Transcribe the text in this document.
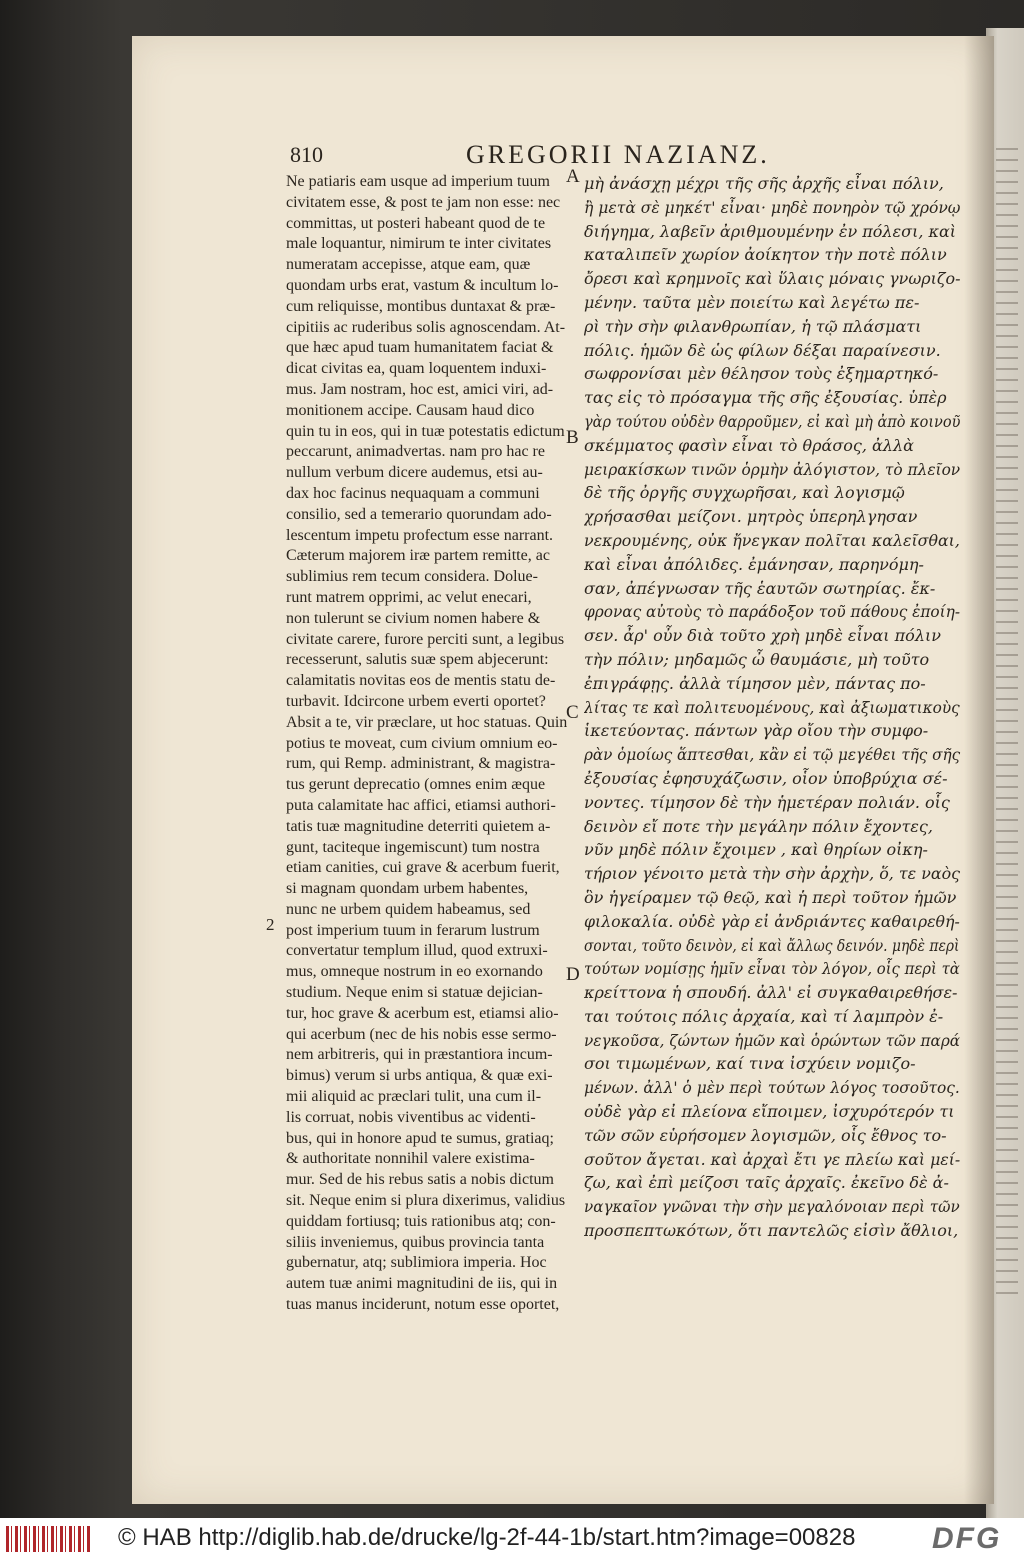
810	GREGORII NAZIANZ.
Ne patiaris eam usque ad imperium tuum
civitatem esse, & post te jam non esse: nec
committas, ut posteri habeant quod de te
male loquantur, nimirum te inter civitates
numeratam accepisse, atque eam, quæ
quondam urbs erat, vastum & incultum lo-
cum reliquisse, montibus duntaxat & præ-
cipitiis ac ruderibus solis agnoscendam. At-
que hæc apud tuam humanitatem faciat &
dicat civitas ea, quam loquentem induxi-
mus. Jam nostram, hoc est, amici viri, ad-
monitionem accipe. Causam haud dico
quin tu in eos, qui in tuæ potestatis edictum
peccarunt, animadvertas. nam pro hac re
nullum verbum dicere audemus, etsi au-
dax hoc facinus nequaquam a communi
consilio, sed a temerario quorundam ado-
lescentum impetu profectum esse narrant.
Cæterum majorem iræ partem remitte, ac
sublimius rem tecum considera. Dolue-
runt matrem opprimi, ac velut enecari,
non tulerunt se civium nomen habere &
civitate carere, furore perciti sunt, a legibus
recesserunt, salutis suæ spem abjecerunt:
calamitatis novitas eos de mentis statu de-
turbavit. Idcircone urbem everti oportet?
Absit a te, vir præclare, ut hoc statuas. Quin
potius te moveat, cum civium omnium eo-
rum, qui Remp. administrant, & magistra-
tus gerunt deprecatio (omnes enim æque
puta calamitate hac affici, etiamsi authori-
tatis tuæ magnitudine deterriti quietem a-
gunt, taciteque ingemiscunt) tum nostra
etiam canities, cui grave & acerbum fuerit,
si magnam quondam urbem habentes,
nunc ne urbem quidem habeamus, sed
post imperium tuum in ferarum lustrum
convertatur templum illud, quod extruxi-
mus, omneque nostrum in eo exornando
studium. Neque enim si statuæ dejician-
tur, hoc grave & acerbum est, etiamsi alio-
qui acerbum (nec de his nobis esse sermo-
nem arbitreris, qui in præstantiora incum-
bimus) verum si urbs antiqua, & quæ exi-
mii aliquid ac præclari tulit, una cum il-
lis corruat, nobis viventibus ac videnti-
bus, qui in honore apud te sumus, gratiaq;
& authoritate nonnihil valere existima-
mur. Sed de his rebus satis a nobis dictum
sit. Neque enim si plura dixerimus, validius
quiddam fortiusq; tuis rationibus atq; con-
siliis inveniemus, quibus provincia tanta
gubernatur, atq; sublimiora imperia. Hoc
autem tuæ animi magnitudini de iis, qui in
tuas manus inciderunt, notum esse oportet,
μὴ ἀνάσχῃ μέχρι τῆς σῆς ἀρχῆς εἶναι πόλιν,
ἢ μετὰ σὲ μηκέτ' εἶναι· μηδὲ πονηρὸν τῷ χρόνῳ
διήγημα, λαβεῖν ἀριθμουμένην ἐν πόλεσι, καὶ
καταλιπεῖν χωρίον ἀοίκητον τὴν ποτὲ πόλιν
ὄρεσι καὶ κρημνοῖς καὶ ὕλαις μόναις γνωριζο-
μένην. ταῦτα μὲν ποιείτω καὶ λεγέτω πε-
ρὶ τὴν σὴν φιλανθρωπίαν, ἡ τῷ πλάσματι
πόλις. ἡμῶν δὲ ὡς φίλων δέξαι παραίνεσιν.
σωφρονίσαι μὲν θέλησον τοὺς ἐξημαρτηκό-
τας εἰς τὸ πρόσαγμα τῆς σῆς ἐξουσίας. ὑπὲρ
γὰρ τούτου οὐδὲν θαρροῦμεν, εἰ καὶ μὴ ἀπὸ κοινοῦ
σκέμματος φασὶν εἶναι τὸ θράσος, ἀλλὰ
μειρακίσκων τινῶν ὁρμὴν ἀλόγιστον, τὸ πλεῖον
δὲ τῆς ὀργῆς συγχωρῆσαι, καὶ λογισμῷ
χρήσασθαι μείζονι. μητρὸς ὑπερηλγησαν
νεκρουμένης, οὐκ ἤνεγκαν πολῖται καλεῖσθαι,
καὶ εἶναι ἀπόλιδες. ἐμάνησαν, παρηνόμη-
σαν, ἀπέγνωσαν τῆς ἑαυτῶν σωτηρίας. ἔκ-
φρονας αὐτοὺς τὸ παράδοξον τοῦ πάθους ἐποίη-
σεν. ἆρ' οὖν διὰ τοῦτο χρὴ μηδὲ εἶναι πόλιν
τὴν πόλιν; μηδαμῶς ὦ θαυμάσιε, μὴ τοῦτο
ἐπιγράφῃς. ἀλλὰ τίμησον μὲν, πάντας πο-
λίτας τε καὶ πολιτευομένους, καὶ ἀξιωματικοὺς
ἱκετεύοντας. πάντων γὰρ οἴου τὴν συμφο-
ρὰν ὁμοίως ἅπτεσθαι, κἂν εἰ τῷ μεγέθει τῆς σῆς
ἐξουσίας ἐφησυχάζωσιν, οἷον ὑποβρύχια σέ-
νοντες. τίμησον δὲ τὴν ἡμετέραν πολιάν. οἷς
δεινὸν εἴ ποτε τὴν μεγάλην πόλιν ἔχοντες,
νῦν μηδὲ πόλιν ἔχοιμεν , καὶ θηρίων οἰκη-
τήριον γένοιτο μετὰ τὴν σὴν ἀρχὴν, ὅ, τε ναὸς
ὃν ἠγείραμεν τῷ θεῷ, καὶ ἡ περὶ τοῦτον ἡμῶν
φιλοκαλία. οὐδὲ γὰρ εἰ ἀνδριάντες καθαιρεθή-
σονται, τοῦτο δεινὸν, εἰ καὶ ἄλλως δεινόν. μηδὲ περὶ
τούτων νομίσῃς ἡμῖν εἶναι τὸν λόγον, οἷς περὶ τὰ
κρείττονα ἡ σπουδή. ἀλλ' εἰ συγκαθαιρεθήσε-
ται τούτοις πόλις ἀρχαία, καὶ τί λαμπρὸν ἐ-
νεγκοῦσα, ζώντων ἡμῶν καὶ ὁρώντων τῶν παρά
σοι τιμωμένων, καί τινα ἰσχύειν νομιζο-
μένων. ἀλλ' ὁ μὲν περὶ τούτων λόγος τοσοῦτος.
οὐδὲ γὰρ εἰ πλείονα εἴποιμεν, ἰσχυρότερόν τι
τῶν σῶν εὑρήσομεν λογισμῶν, οἷς ἔθνος το-
σοῦτον ἄγεται. καὶ ἀρχαὶ ἔτι γε πλείω καὶ μεί-
ζω, καὶ ἐπὶ μείζοσι ταῖς ἀρχαῖς. ἐκεῖνο δὲ ἀ-
ναγκαῖον γνῶναι τὴν σὴν μεγαλόνοιαν περὶ τῶν
προσπεπτωκότων, ὅτι παντελῶς εἰσὶν ἄθλιοι,
A
B
C
D
2
© HAB http://diglib.hab.de/drucke/lg-2f-44-1b/start.htm?image=00828	DFG
